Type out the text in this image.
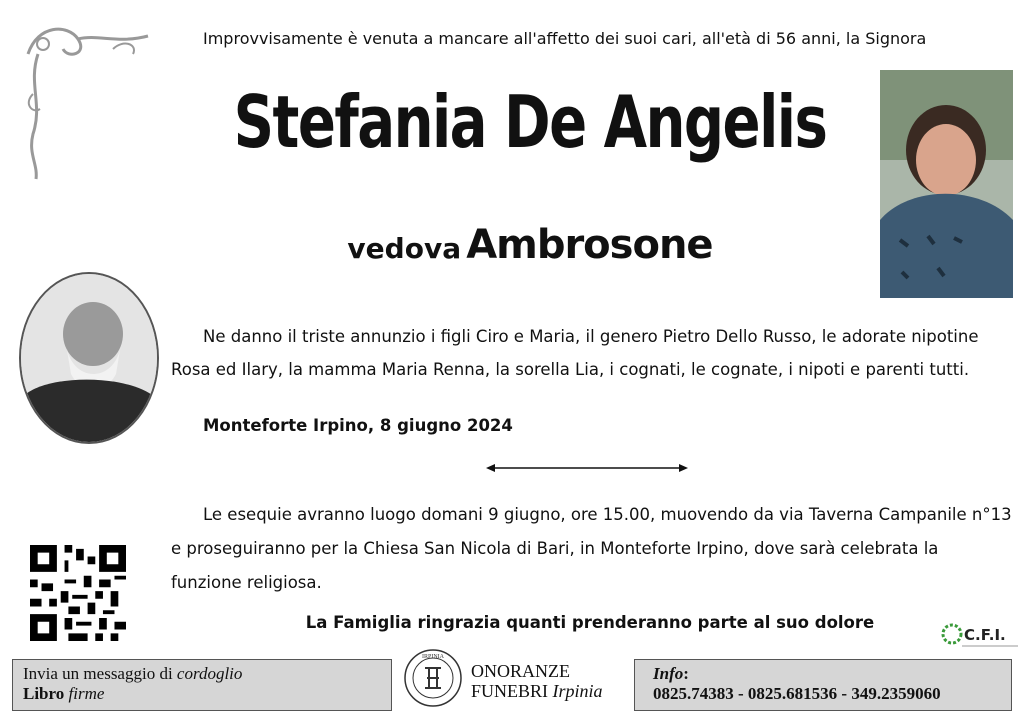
Improvvisamente è venuta a mancare all'affetto dei suoi cari, all'età di 56 anni, la Signora
Stefania De Angelis
vedova Ambrosone
Ne danno il triste annunzio i figli Ciro e Maria, il genero Pietro Dello Russo, le adorate nipotine Rosa ed Ilary, la mamma Maria Renna, la sorella Lia, i cognati, le cognate, i nipoti e parenti tutti.
Monteforte Irpino, 8 giugno 2024
Le esequie avranno luogo domani 9 giugno, ore 15.00, muovendo da via Taverna Campanile n°13 e proseguiranno per la Chiesa San Nicola di Bari, in Monteforte Irpino, dove sarà celebrata la funzione religiosa.
La Famiglia ringrazia quanti prenderanno parte al suo dolore
C.F.I.
Invia un messaggio di cordoglio
Libro firme
IRPINIA
ONORANZE
FUNEBRI Irpinia
Info:
0825.74383 - 0825.681536 - 349.2359060
